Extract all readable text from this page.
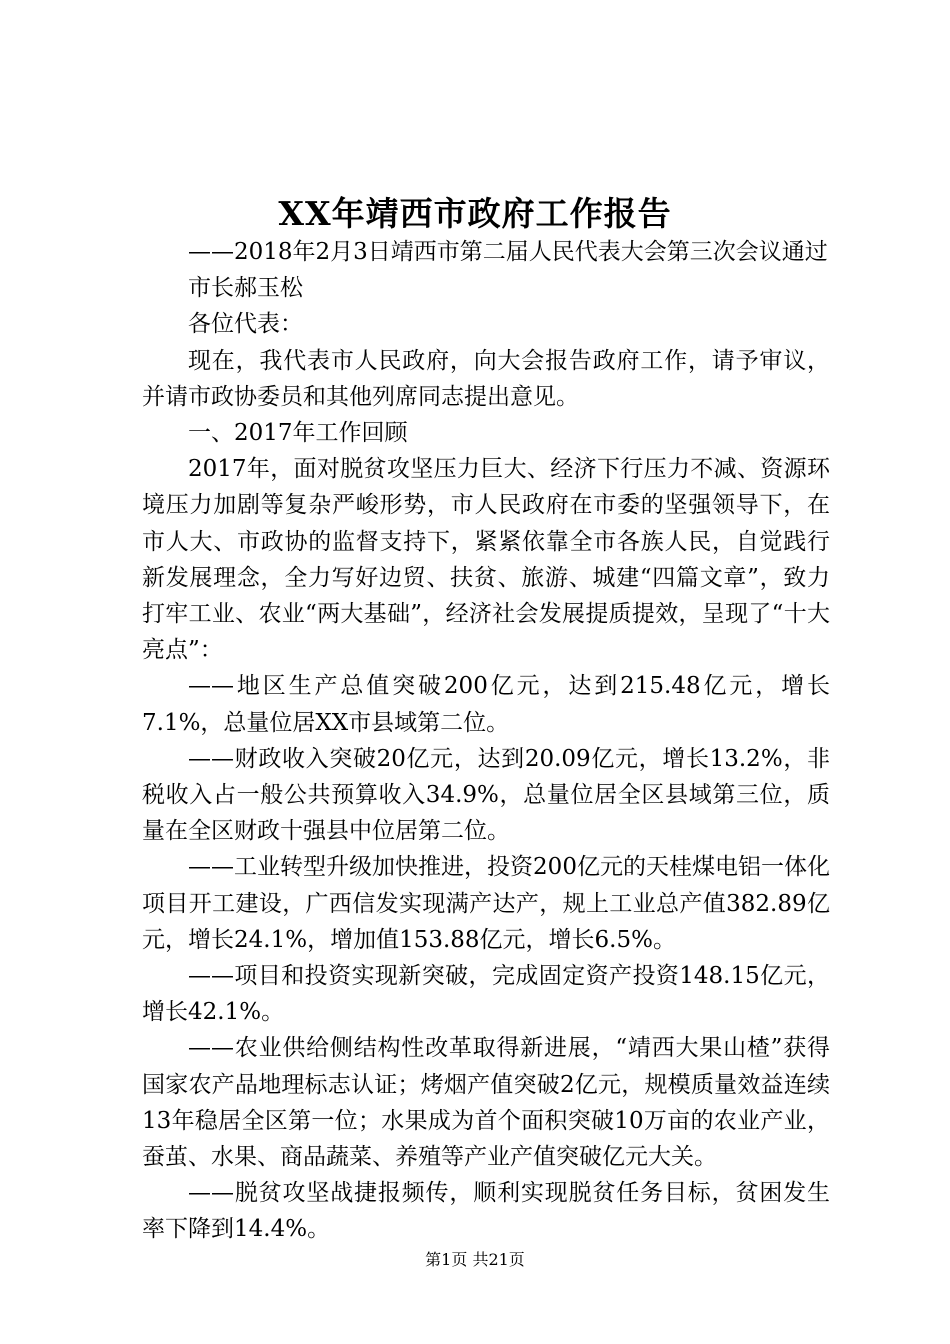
XX年靖西市政府工作报告

——2018年2月3日靖西市第二届人民代表大会第三次会议通过

市长郝玉松

各位代表：

现在，我代表市人民政府，向大会报告政府工作，请予审议，并请市政协委员和其他列席同志提出意见。

一、2017年工作回顾

2017年，面对脱贫攻坚压力巨大、经济下行压力不减、资源环境压力加剧等复杂严峻形势，市人民政府在市委的坚强领导下，在市人大、市政协的监督支持下，紧紧依靠全市各族人民，自觉践行新发展理念，全力写好边贸、扶贫、旅游、城建“四篇文章”，致力打牢工业、农业“两大基础”，经济社会发展提质提效，呈现了“十大亮点”：

——地区生产总值突破200亿元，达到215.48亿元，增长7.1%，总量位居XX市县域第二位。

——财政收入突破20亿元，达到20.09亿元，增长13.2%，非税收入占一般公共预算收入34.9%，总量位居全区县域第三位，质量在全区财政十强县中位居第二位。

——工业转型升级加快推进，投资200亿元的天桂煤电铝一体化项目开工建设，广西信发实现满产达产，规上工业总产值382.89亿元，增长24.1%，增加值153.88亿元，增长6.5%。

——项目和投资实现新突破，完成固定资产投资148.15亿元，增长42.1%。

——农业供给侧结构性改革取得新进展，“靖西大果山楂”获得国家农产品地理标志认证；烤烟产值突破2亿元，规模质量效益连续13年稳居全区第一位；水果成为首个面积突破10万亩的农业产业，蚕茧、水果、商品蔬菜、养殖等产业产值突破亿元大关。

——脱贫攻坚战捷报频传，顺利实现脱贫任务目标，贫困发生率下降到14.4%。

第1页 共21页
